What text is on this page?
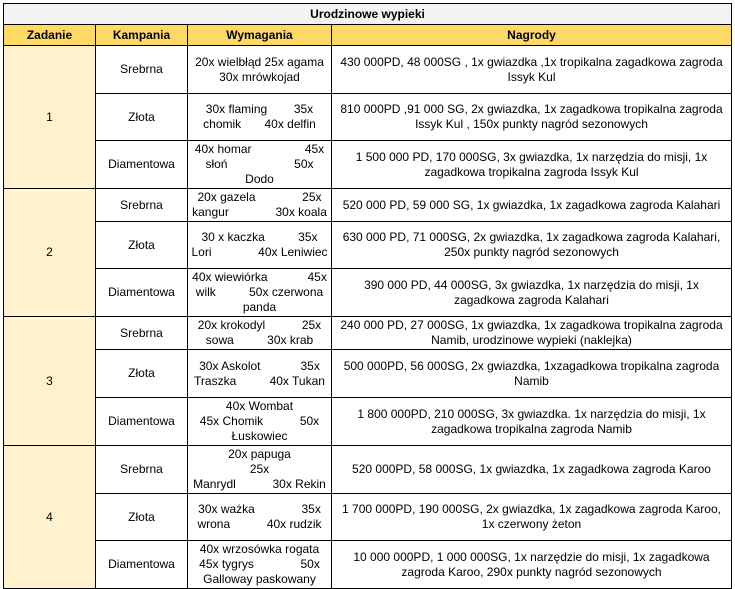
Urodzinowe wypieki			
Zadanie	Kampania	Wymagania	Nagrody
1	Srebrna	20x wielbłąd 25x agama
30x mrówkojad	430 000PD, 48 000SG , 1x gwiazdka ,1x tropikalna zagadkowa zagroda Issyk Kul
	Złota	30x flaming        35x
chomik       40x delfin	810 000PD ,91 000 SG, 2x gwiazdka, 1x zagadkowa tropikalna zagroda Issyk Kul , 150x punkty nagród sezonowych
	Diamentowa	40x homar                45x
słoń                    50x Dodo	1 500 000 PD, 170 000SG, 3x gwiazdka, 1x narzędzia do misji, 1x zagadkowa tropikalna zagroda Issyk Kul
2	Srebrna	20x gazela              25x
kangur              30x koala	520 000 PD, 59 000 SG, 1x gwiazdka, 1x zagadkowa zagroda Kalahari
	Złota	30 x kaczka          35x
Lori              40x Leniwiec	630 000 PD, 71 000SG, 2x gwiazdka, 1x zagadkowa zagroda Kalahari, 250x punkty nagród sezonowych
	Diamentowa	40x wiewiórka            45x
wilk          50x czerwona
panda	390 000 PD, 44 000SG, 3x gwiazdka, 1x narzędzia do misji, 1x zagadkowa zagroda Kalahari
3	Srebrna	20x krokodyl           25x
sowa          30x krab	240 000 PD, 27 000SG, 1x gwiazdka, 1x zagadkowa tropikalna zagroda Namib, urodzinowe wypieki (naklejka)
	Złota	30x Askolot            35x
Traszka          40x Tukan	500 000PD, 56 000SG, 2x gwiazdka, 1xzagadkowa tropikalna zagroda Namib
	Diamentowa	40x Wombat
45x Chomik           50x
Łuskowiec	1 800 000PD, 210 000SG, 3x gwiazdka. 1x narzędzia do misji, 1x zagadkowa tropikalna zagroda Namib
4	Srebrna	20x papuga                 25x
Manrydl           30x Rekin	520 000PD, 58 000SG, 1x gwiazdka, 1x zagadkowa zagroda Karoo
	Złota	30x ważka              35x
wrona           40x rudzik	1 700 000PD, 190 000SG, 2x gwiazdka, 1x zagadkowa zagroda Karoo, 1x czerwony żeton
	Diamentowa	40x wrzosówka rogata
45x tygrys              50x
Galloway paskowany	10 000 000PD, 1 000 000SG, 1x narzędzie do misji, 1x zagadkowa zagroda Karoo, 290x punkty nagród sezonowych
